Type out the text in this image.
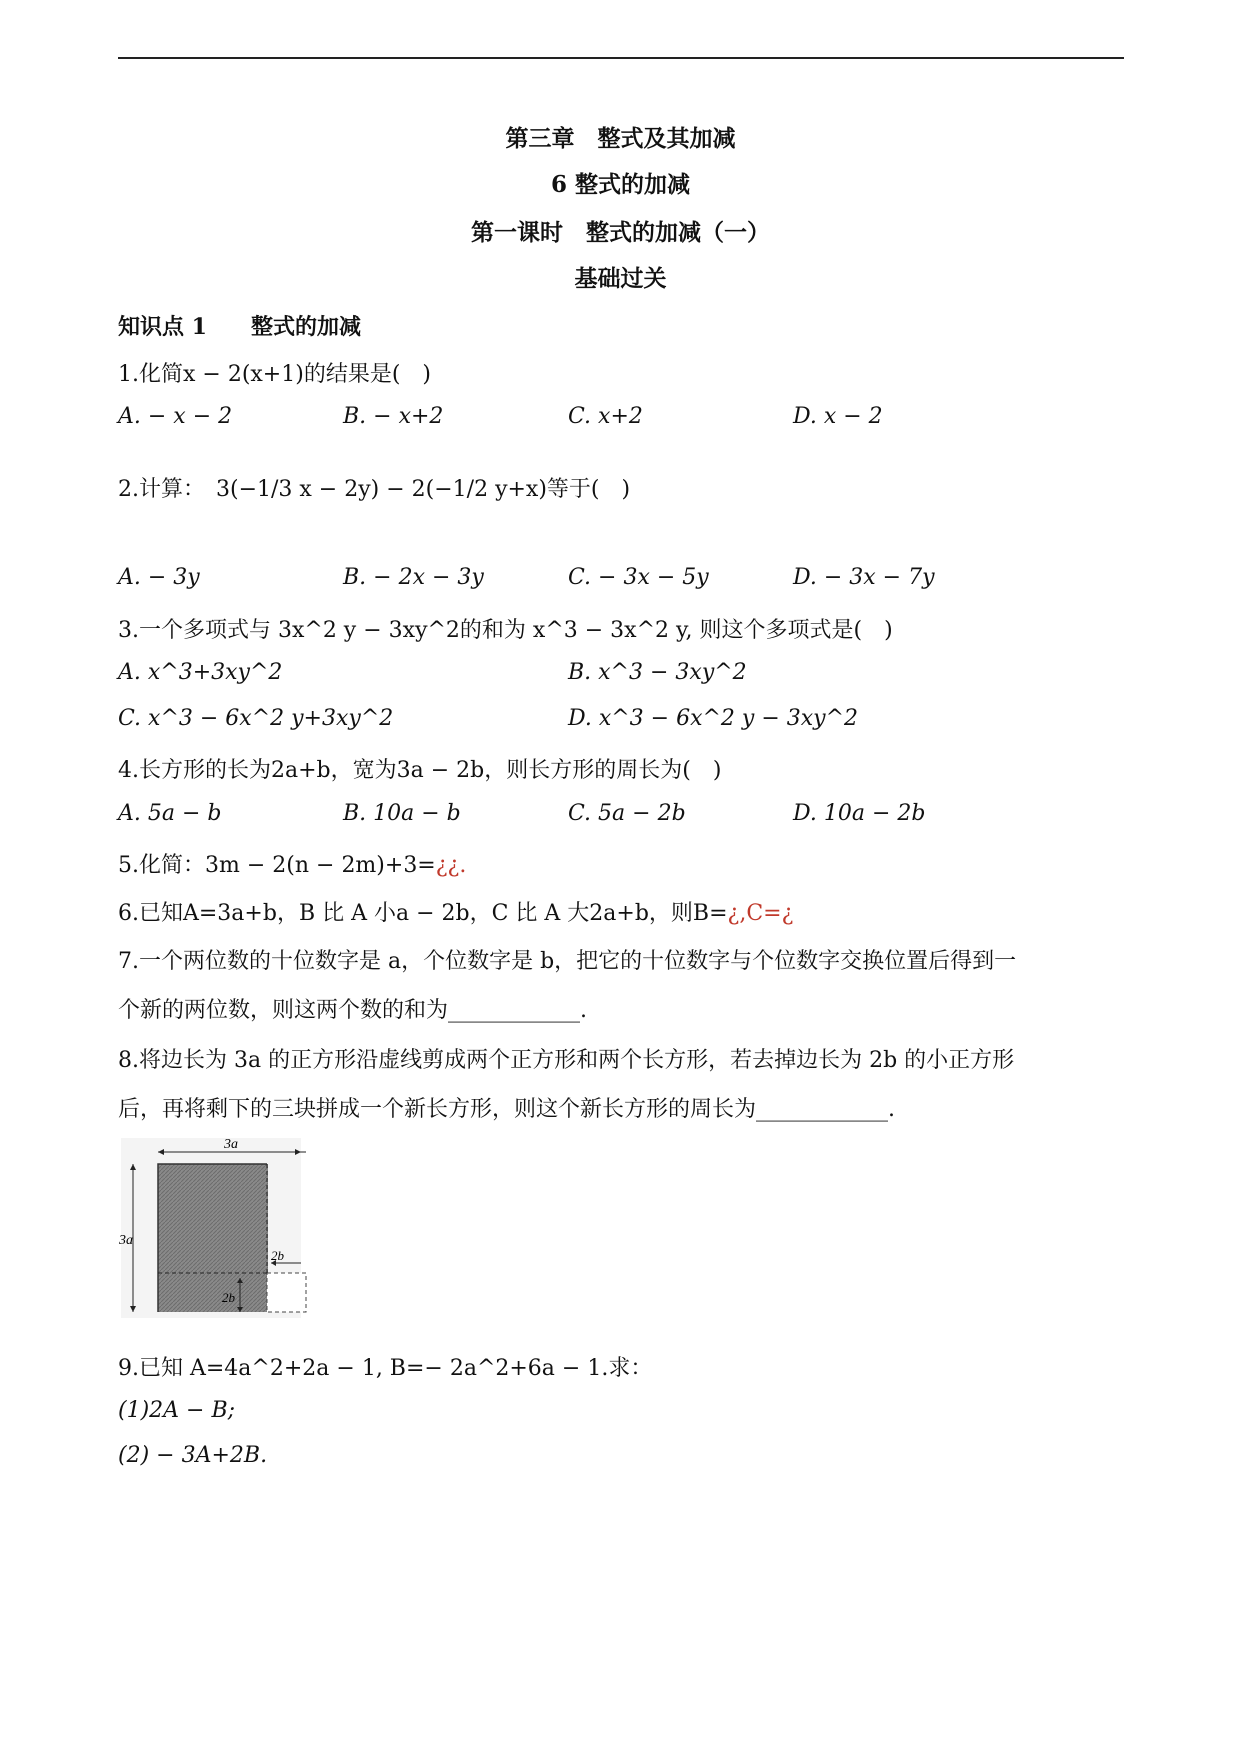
第三章　整式及其加减
6 整式的加减
第一课时　整式的加减（一）
基础过关
知识点 1　　整式的加减
1.化简x − 2(x+1)的结果是(　)
A. − x − 2	B. − x+2	C. x+2	D. x − 2
2.计算：　3(−1/3 x − 2y) − 2(−1/2 y+x)等于(　)
A. − 3y	B. − 2x − 3y	C. − 3x − 5y	D. − 3x − 7y
3.一个多项式与 3x^2 y − 3xy^2的和为 x^3 − 3x^2 y, 则这个多项式是(　)
A. x^3+3xy^2	B. x^3 − 3xy^2
C. x^3 − 6x^2 y+3xy^2	D. x^3 − 6x^2 y − 3xy^2
4.长方形的长为2a+b，宽为3a − 2b，则长方形的周长为(　)
A. 5a − b	B. 10a − b	C. 5a − 2b	D. 10a − 2b
5.化简：3m − 2(n − 2m)+3=¿¿.
6.已知A=3a+b，B 比 A 小a − 2b，C 比 A 大2a+b，则B=¿,C=¿
7.一个两位数的十位数字是 a，个位数字是 b，把它的十位数字与个位数字交换位置后得到一
个新的两位数，则这两个数的和为____________.
8.将边长为 3a 的正方形沿虚线剪成两个正方形和两个长方形，若去掉边长为 2b 的小正方形
后，再将剩下的三块拼成一个新长方形，则这个新长方形的周长为____________.
3a
3a
2b
2b
9.已知 A=4a^2+2a − 1, B=− 2a^2+6a − 1.求：
(1)2A − B;
(2) − 3A+2B.
